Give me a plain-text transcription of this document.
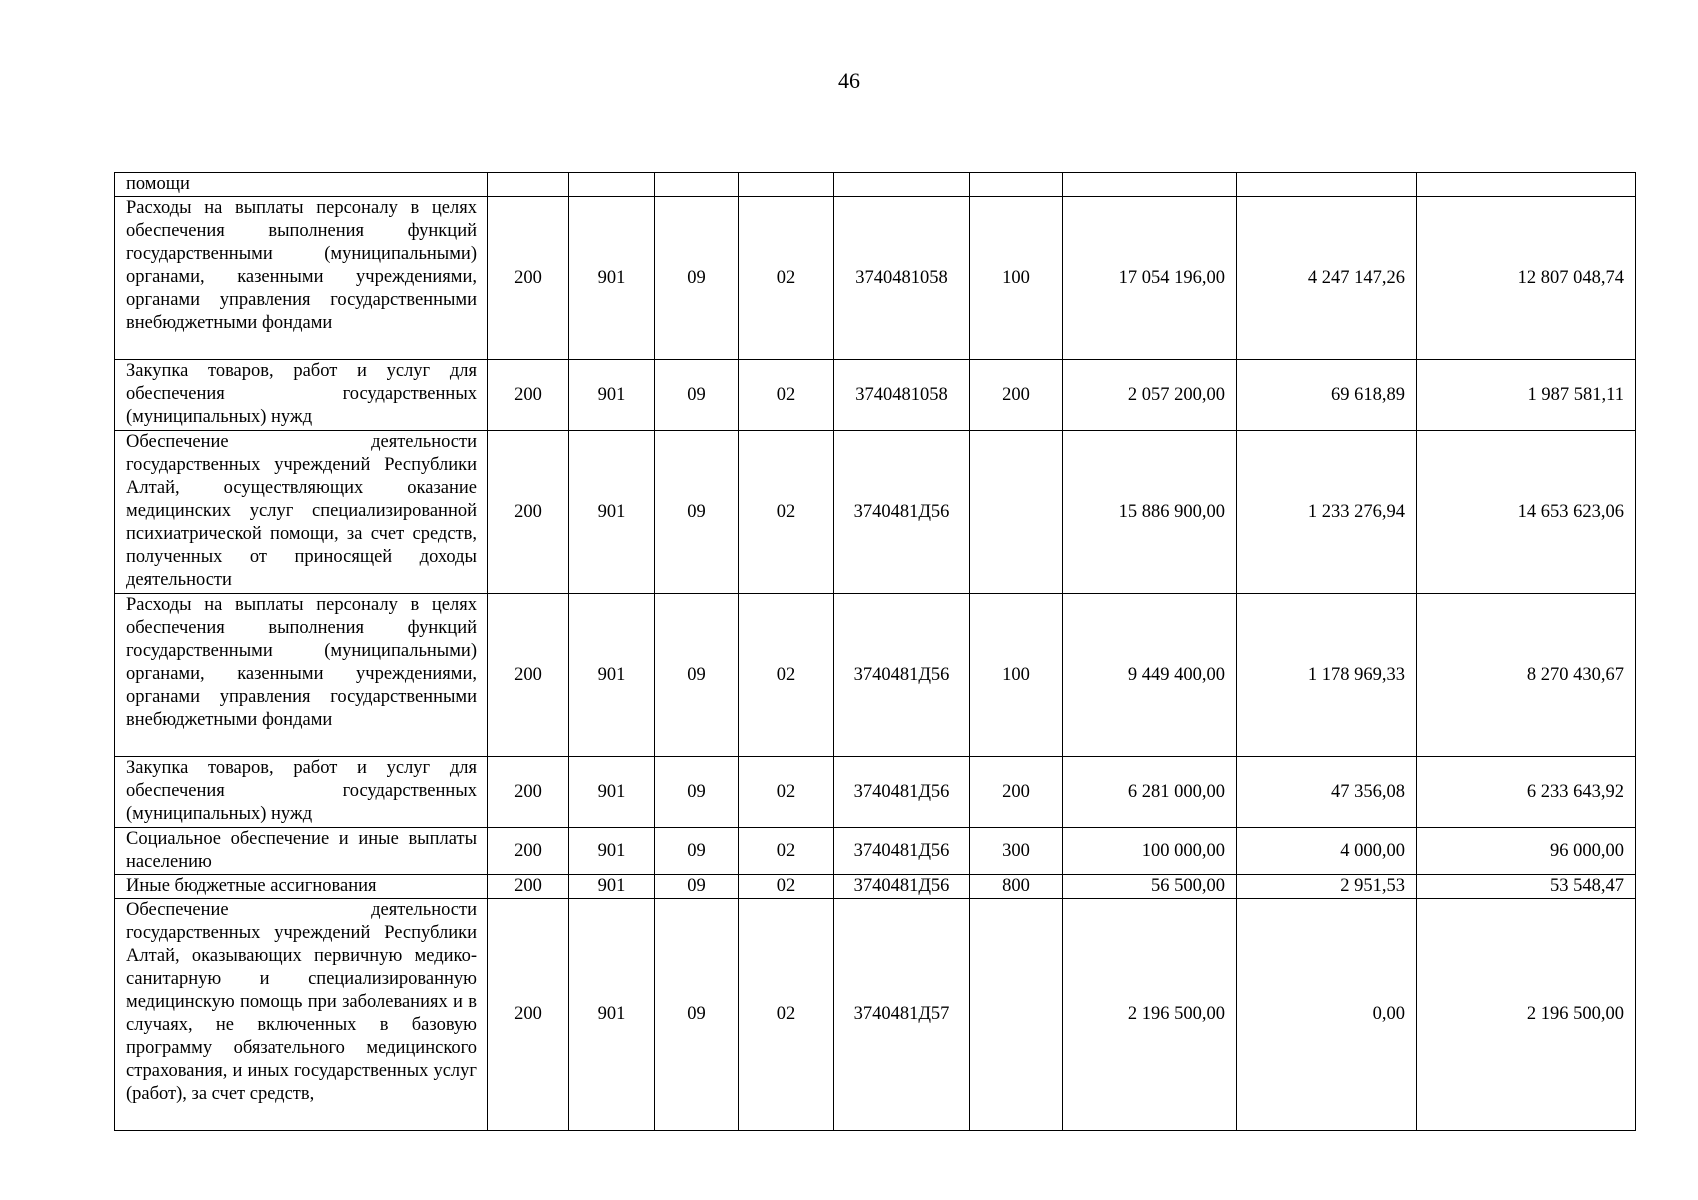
46
помощи									
Расходы на выплаты персоналу в целях обеспечения выполнения функций государственными (муниципальными) органами, казенными учреждениями, органами управления государственными внебюджетными фондами	200	901	09	02	3740481058	100	17 054 196,00	4 247 147,26	12 807 048,74
Закупка товаров, работ и услуг для обеспечения государственных (муниципальных) нужд	200	901	09	02	3740481058	200	2 057 200,00	69 618,89	1 987 581,11
Обеспечение деятельности государственных учреждений Республики Алтай, осуществляющих оказание медицинских услуг специализированной психиатрической помощи, за счет средств, полученных от приносящей доходы деятельности	200	901	09	02	3740481Д56		15 886 900,00	1 233 276,94	14 653 623,06
Расходы на выплаты персоналу в целях обеспечения выполнения функций государственными (муниципальными) органами, казенными учреждениями, органами управления государственными внебюджетными фондами	200	901	09	02	3740481Д56	100	9 449 400,00	1 178 969,33	8 270 430,67
Закупка товаров, работ и услуг для обеспечения государственных (муниципальных) нужд	200	901	09	02	3740481Д56	200	6 281 000,00	47 356,08	6 233 643,92
Социальное обеспечение и иные выплаты населению	200	901	09	02	3740481Д56	300	100 000,00	4 000,00	96 000,00
Иные бюджетные ассигнования	200	901	09	02	3740481Д56	800	56 500,00	2 951,53	53 548,47
Обеспечение деятельности государственных учреждений Республики Алтай, оказывающих первичную медико-санитарную и специализированную медицинскую помощь при заболеваниях и в случаях, не включенных в базовую программу обязательного медицинского страхования, и иных государственных услуг (работ), за счет средств,	200	901	09	02	3740481Д57		2 196 500,00	0,00	2 196 500,00
